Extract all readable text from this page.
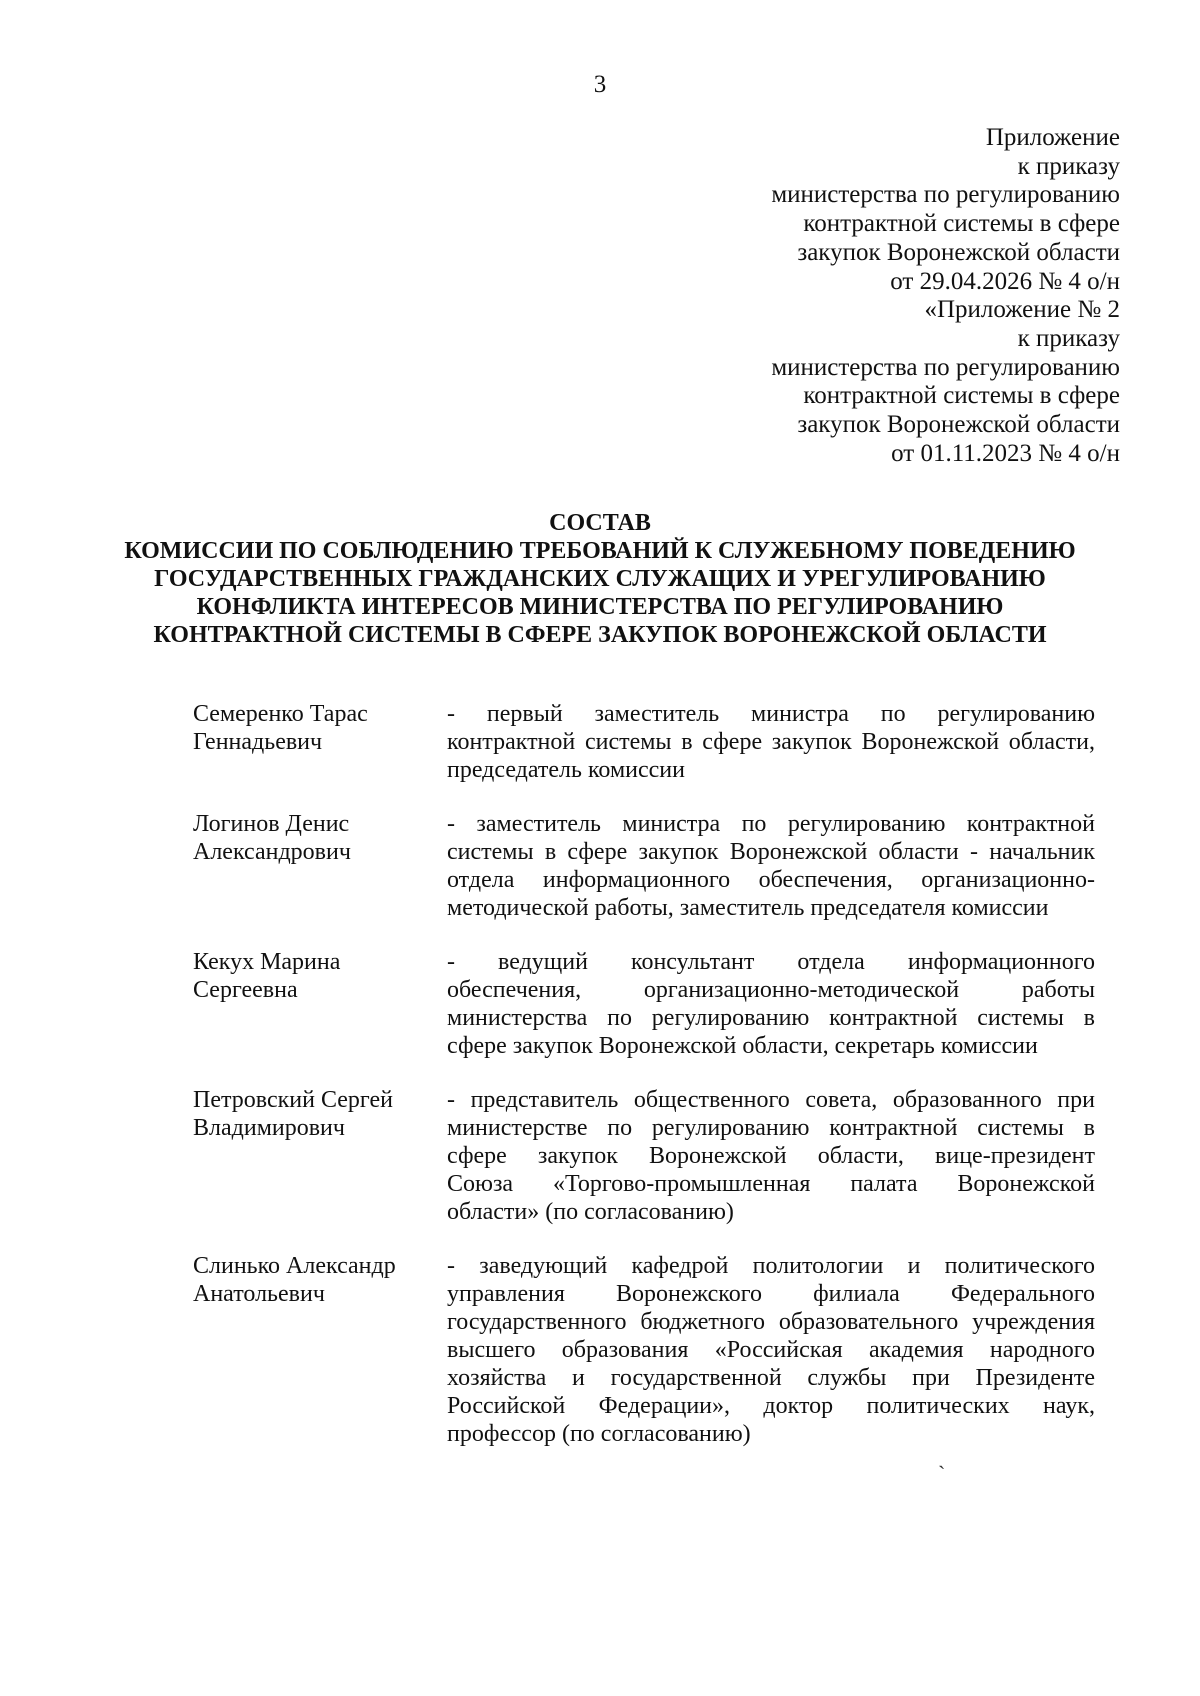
3
Приложение
к приказу
министерства по регулированию
контрактной системы в сфере
закупок Воронежской области
от 29.04.2026 № 4 о/н
«Приложение № 2
к приказу
министерства по регулированию
контрактной системы в сфере
закупок Воронежской области
от 01.11.2023 № 4 о/н
СОСТАВ
КОМИССИИ ПО СОБЛЮДЕНИЮ ТРЕБОВАНИЙ К СЛУЖЕБНОМУ ПОВЕДЕНИЮ
ГОСУДАРСТВЕННЫХ ГРАЖДАНСКИХ СЛУЖАЩИХ И УРЕГУЛИРОВАНИЮ
КОНФЛИКТА ИНТЕРЕСОВ МИНИСТЕРСТВА ПО РЕГУЛИРОВАНИЮ
КОНТРАКТНОЙ СИСТЕМЫ В СФЕРЕ ЗАКУПОК ВОРОНЕЖСКОЙ ОБЛАСТИ
Семеренко Тарас
Геннадьевич
- первый заместитель министра по регулированию
контрактной системы в сфере закупок Воронежской области,
председатель комиссии
Логинов Денис
Александрович
- заместитель министра по регулированию контрактной
системы в сфере закупок Воронежской области - начальник
отдела информационного обеспечения, организационно-
методической работы, заместитель председателя комиссии
Кекух Марина
Сергеевна
- ведущий консультант отдела информационного
обеспечения, организационно-методической работы
министерства по регулированию контрактной системы в
сфере закупок Воронежской области, секретарь комиссии
Петровский Сергей
Владимирович
- представитель общественного совета, образованного при
министерстве по регулированию контрактной системы в
сфере закупок Воронежской области, вице-президент
Союза «Торгово-промышленная палата Воронежской
области» (по согласованию)
Слинько Александр
Анатольевич
- заведующий кафедрой политологии и политического
управления Воронежского филиала Федерального
государственного бюджетного образовательного учреждения
высшего образования «Российская академия народного
хозяйства и государственной службы при Президенте
Российской Федерации», доктор политических наук,
профессор (по согласованию)
`
